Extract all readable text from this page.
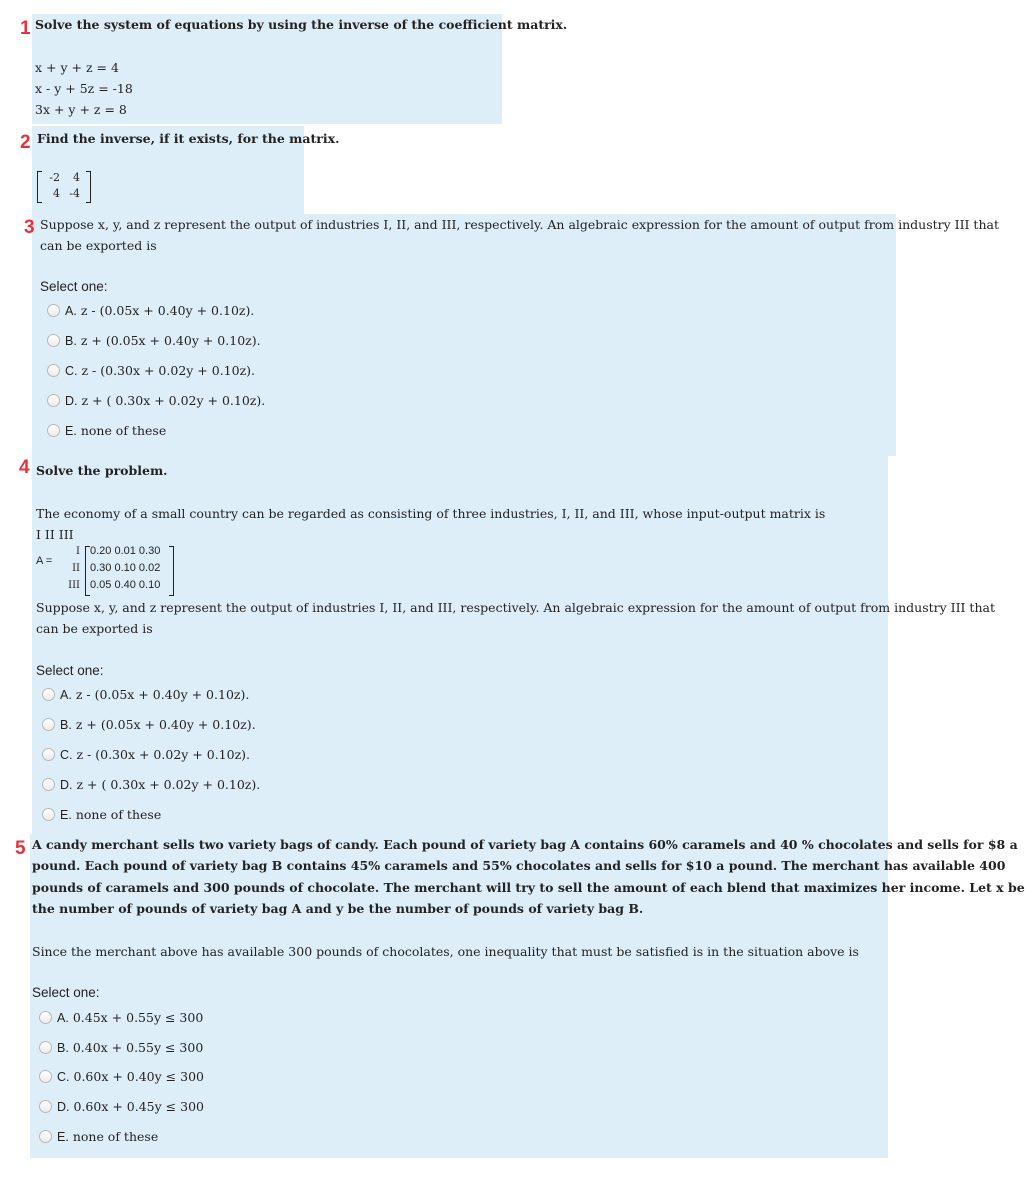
1 Solve the system of equations by using the inverse of the coefficient matrix.
x + y + z = 4
x - y + 5z = -18
3x + y + z = 8
2 Find the inverse, if it exists, for the matrix.
-2	4
4 -4
3 Suppose x, y, and z represent the output of industries I, II, and III, respectively. An algebraic expression for the amount of output from industry III that
can be exported is
Select one:
A. z - (0.05x + 0.40y + 0.10z).
B. z + (0.05x + 0.40y + 0.10z).
C. z - (0.30x + 0.02y + 0.10z).
D. z + ( 0.30x + 0.02y + 0.10z).
E. none of these
4 Solve the problem.
The economy of a small country can be regarded as consisting of three industries, I, II, and III, whose input-output matrix is
I II III
A =
I
II
III
0.20 0.01 0.30
0.30 0.10 0.02
0.05 0.40 0.10
Suppose x, y, and z represent the output of industries I, II, and III, respectively. An algebraic expression for the amount of output from industry III that
can be exported is
Select one:
A. z - (0.05x + 0.40y + 0.10z).
B. z + (0.05x + 0.40y + 0.10z).
C. z - (0.30x + 0.02y + 0.10z).
D. z + ( 0.30x + 0.02y + 0.10z).
E. none of these
5 A candy merchant sells two variety bags of candy. Each pound of variety bag A contains 60% caramels and 40 % chocolates and sells for $8 a
pound. Each pound of variety bag B contains 45% caramels and 55% chocolates and sells for $10 a pound. The merchant has available 400
pounds of caramels and 300 pounds of chocolate. The merchant will try to sell the amount of each blend that maximizes her income. Let x be
the number of pounds of variety bag A and y be the number of pounds of variety bag B.
Since the merchant above has available 300 pounds of chocolates, one inequality that must be satisfied is in the situation above is
Select one:
A. 0.45x + 0.55y ≤ 300
B. 0.40x + 0.55y ≤ 300
C. 0.60x + 0.40y ≤ 300
D. 0.60x + 0.45y ≤ 300
E. none of these
